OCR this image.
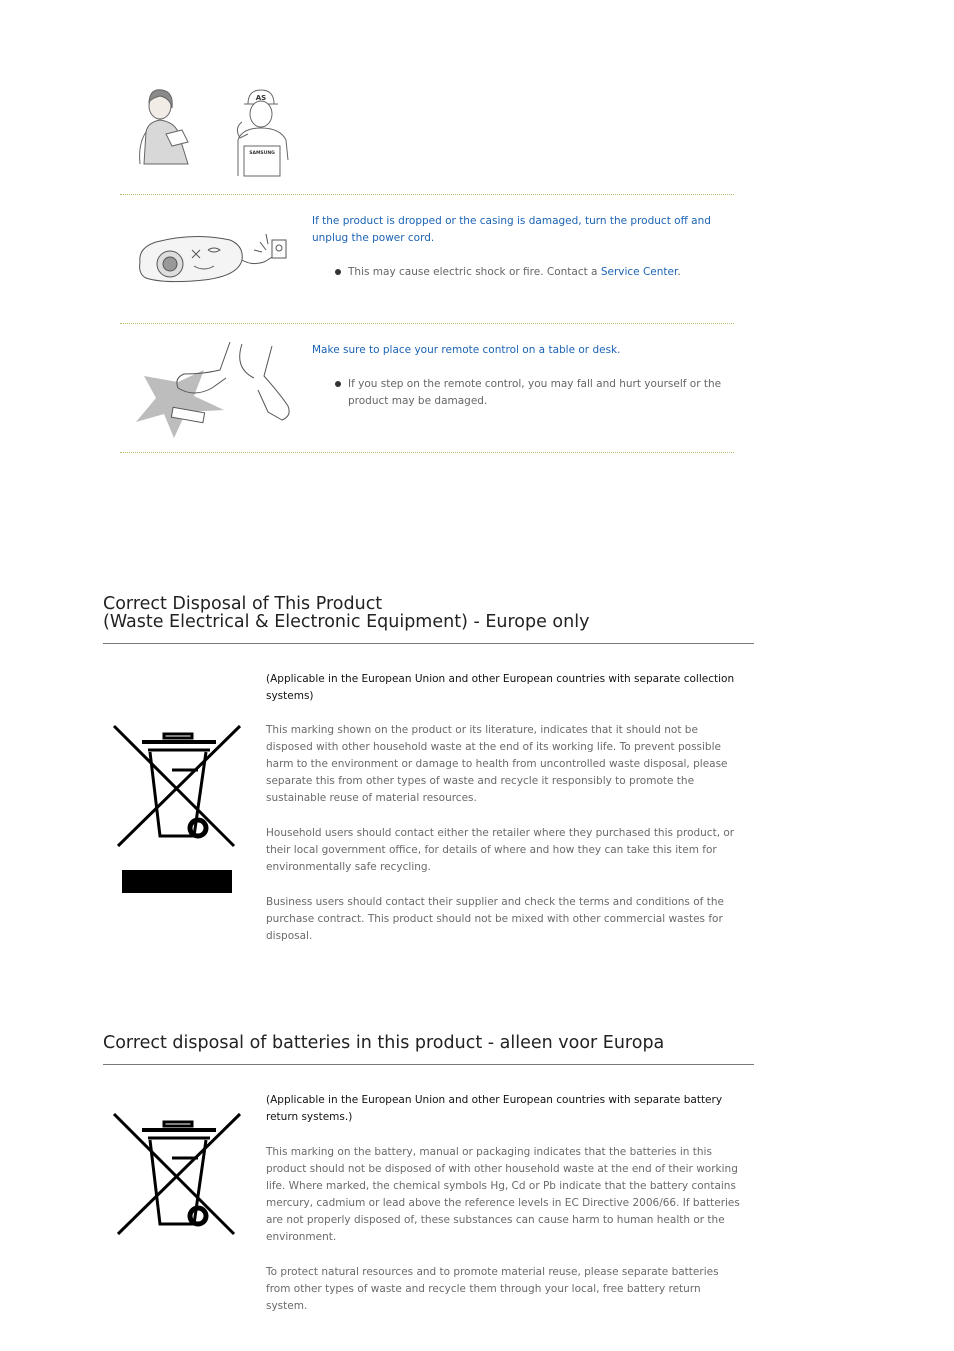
AS
SAMSUNG
If the product is dropped or the casing is damaged, turn the product off and unplug the power cord.
This may cause electric shock or fire. Contact a Service Center.
Make sure to place your remote control on a table or desk.
If you step on the remote control, you may fall and hurt yourself or the product may be damaged.
Correct Disposal of This Product
(Waste Electrical & Electronic Equipment) - Europe only
(Applicable in the European Union and other European countries with separate collection systems)
This marking shown on the product or its literature, indicates that it should not be disposed with other household waste at the end of its working life. To prevent possible harm to the environment or damage to health from uncontrolled waste disposal, please separate this from other types of waste and recycle it responsibly to promote the sustainable reuse of material resources.
Household users should contact either the retailer where they purchased this product, or their local government office, for details of where and how they can take this item for environmentally safe recycling.
Business users should contact their supplier and check the terms and conditions of the purchase contract. This product should not be mixed with other commercial wastes for disposal.
Correct disposal of batteries in this product - alleen voor Europa
(Applicable in the European Union and other European countries with separate battery return systems.)
This marking on the battery, manual or packaging indicates that the batteries in this product should not be disposed of with other household waste at the end of their working life. Where marked, the chemical symbols Hg, Cd or Pb indicate that the battery contains mercury, cadmium or lead above the reference levels in EC Directive 2006/66. If batteries are not properly disposed of, these substances can cause harm to human health or the environment.
To protect natural resources and to promote material reuse, please separate batteries from other types of waste and recycle them through your local, free battery return system.
